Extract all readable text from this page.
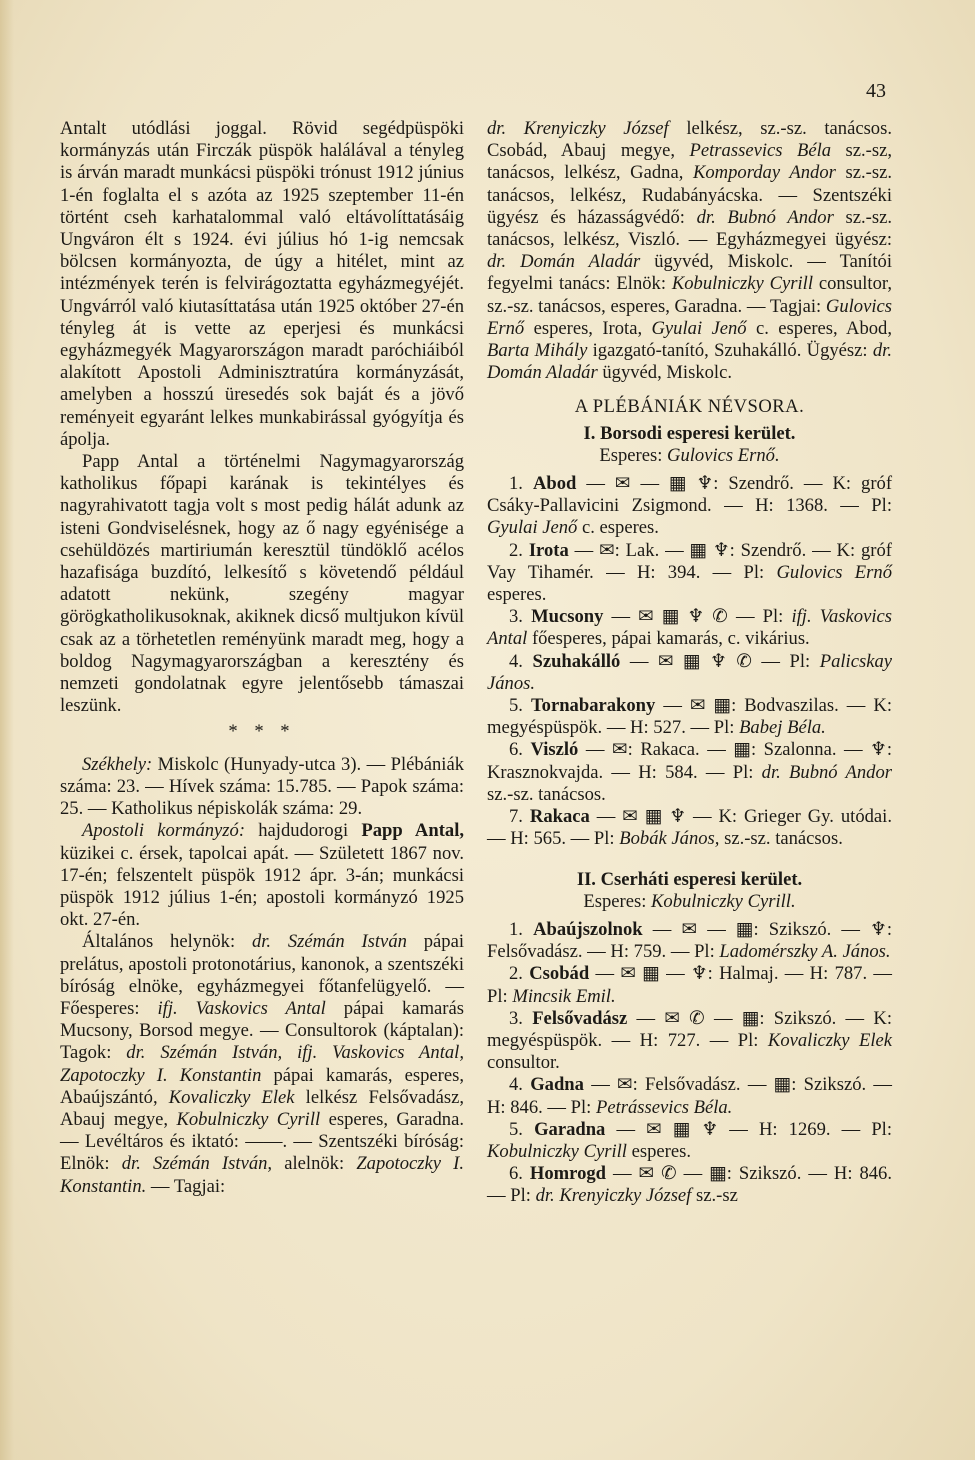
43

Antalt utódlási joggal. Rövid segédpüspöki kormányzás után Firczák püspök halálával a tényleg is árván maradt munkácsi püspöki trónust 1912 június 1-én foglalta el s azóta az 1925 szeptember 11-én történt cseh karhatalommal való eltávolíttatásáig Ungváron élt s 1924. évi július hó 1-ig nemcsak bölcsen kormányozta, de úgy a hitélet, mint az intézmények terén is felvirágoztatta egyházmegyéjét. Ungvárról való kiutasíttatása után 1925 október 27-én tényleg át is vette az eperjesi és munkácsi egyházmegyék Magyarországon maradt paróchiáiból alakított Apostoli Adminisztratúra kormányzását, amelyben a hosszú üresedés sok baját és a jövő reményeit egyaránt lelkes munkabirással gyógyítja és ápolja.

Papp Antal a történelmi Nagymagyarország katholikus főpapi karának is tekintélyes és nagyrahivatott tagja volt s most pedig hálát adunk az isteni Gondviselésnek, hogy az ő nagy egyénisége a csehüldözés martiriumán keresztül tündöklő acélos hazafisága buzdító, lelkesítő s követendő például adatott nekünk, szegény magyar görögkatholikusoknak, akiknek dicső multjukon kívül csak az a törhetetlen reményünk maradt meg, hogy a boldog Nagymagyarországban a keresztény és nemzeti gondolatnak egyre jelentősebb támaszai leszünk.

* * *

Székhely: Miskolc (Hunyady-utca 3). — Plébániák száma: 23. — Hívek száma: 15.785. — Papok száma: 25. — Katholikus népiskolák száma: 29.

Apostoli kormányzó: hajdudorogi Papp Antal, küzikei c. érsek, tapolcai apát. — Született 1867 nov. 17-én; felszentelt püspök 1912 ápr. 3-án; munkácsi püspök 1912 július 1-én; apostoli kormányzó 1925 okt. 27-én.

Általános helynök: dr. Szémán István pápai prelátus, apostoli protonotárius, kanonok, a szentszéki bíróság elnöke, egyházmegyei főtanfelügyelő. — Főesperes: ifj. Vaskovics Antal pápai kamarás Mucsony, Borsod megye. — Consultorok (káptalan): Tagok: dr. Szémán István, ifj. Vaskovics Antal, Zapotoczky I. Konstantin pápai kamarás, esperes, Abaújszántó, Kovaliczky Elek lelkész Felsővadász, Abauj megye, Kobulniczky Cyrill esperes, Garadna. — Levéltáros és iktató: ——. — Szentszéki bíróság: Elnök: dr. Szémán István, alelnök: Zapotoczky I. Konstantin. — Tagjai:

dr. Krenyiczky József lelkész, sz.-sz. tanácsos. Csobád, Abauj megye, Petrassevics Béla sz.-sz, tanácsos, lelkész, Gadna, Komporday Andor sz.-sz. tanácsos, lelkész, Rudabányácska. — Szentszéki ügyész és házasságvédő: dr. Bubnó Andor sz.-sz. tanácsos, lelkész, Viszló. — Egyházmegyei ügyész: dr. Domán Aladár ügyvéd, Miskolc. — Tanítói fegyelmi tanács: Elnök: Kobulniczky Cyrill consultor, sz.-sz. tanácsos, esperes, Garadna. — Tagjai: Gulovics Ernő esperes, Irota, Gyulai Jenő c. esperes, Abod, Barta Mihály igazgató-tanító, Szuhakálló. Ügyész: dr. Domán Aladár ügyvéd, Miskolc.

A PLÉBÁNIÁK NÉVSORA.

I. Borsodi esperesi kerület.

Esperes: Gulovics Ernő.

1. Abod — ✉ — ▦ ♆: Szendrő. — K: gróf Csáky-Pallavicini Zsigmond. — H: 1368. — Pl: Gyulai Jenő c. esperes.

2. Irota — ✉: Lak. — ▦ ♆: Szendrő. — K: gróf Vay Tihamér. — H: 394. — Pl: Gulovics Ernő esperes.

3. Mucsony — ✉ ▦ ♆ ✆ — Pl: ifj. Vaskovics Antal főesperes, pápai kamarás, c. vikárius.

4. Szuhakálló — ✉ ▦ ♆ ✆ — Pl: Palicskay János.

5. Tornabarakony — ✉ ▦: Bodvaszilas. — K: megyéspüspök. — H: 527. — Pl: Babej Béla.

6. Viszló — ✉: Rakaca. — ▦: Szalonna. — ♆: Krasznokvajda. — H: 584. — Pl: dr. Bubnó Andor sz.-sz. tanácsos.

7. Rakaca — ✉ ▦ ♆ — K: Grieger Gy. utódai. — H: 565. — Pl: Bobák János, sz.-sz. tanácsos.

II. Cserháti esperesi kerület.

Esperes: Kobulniczky Cyrill.

1. Abaújszolnok — ✉ — ▦: Szikszó. — ♆: Felsővadász. — H: 759. — Pl: Ladomérszky A. János.

2. Csobád — ✉ ▦ — ♆: Halmaj. — H: 787. — Pl: Mincsik Emil.

3. Felsővadász — ✉ ✆ — ▦: Szikszó. — K: megyéspüspök. — H: 727. — Pl: Kovaliczky Elek consultor.

4. Gadna — ✉: Felsővadász. — ▦: Szikszó. — H: 846. — Pl: Petrássevics Béla.

5. Garadna — ✉ ▦ ♆ — H: 1269. — Pl: Kobulniczky Cyrill esperes.

6. Homrogd — ✉ ✆ — ▦: Szikszó. — H: 846. — Pl: dr. Krenyiczky József sz.-sz
